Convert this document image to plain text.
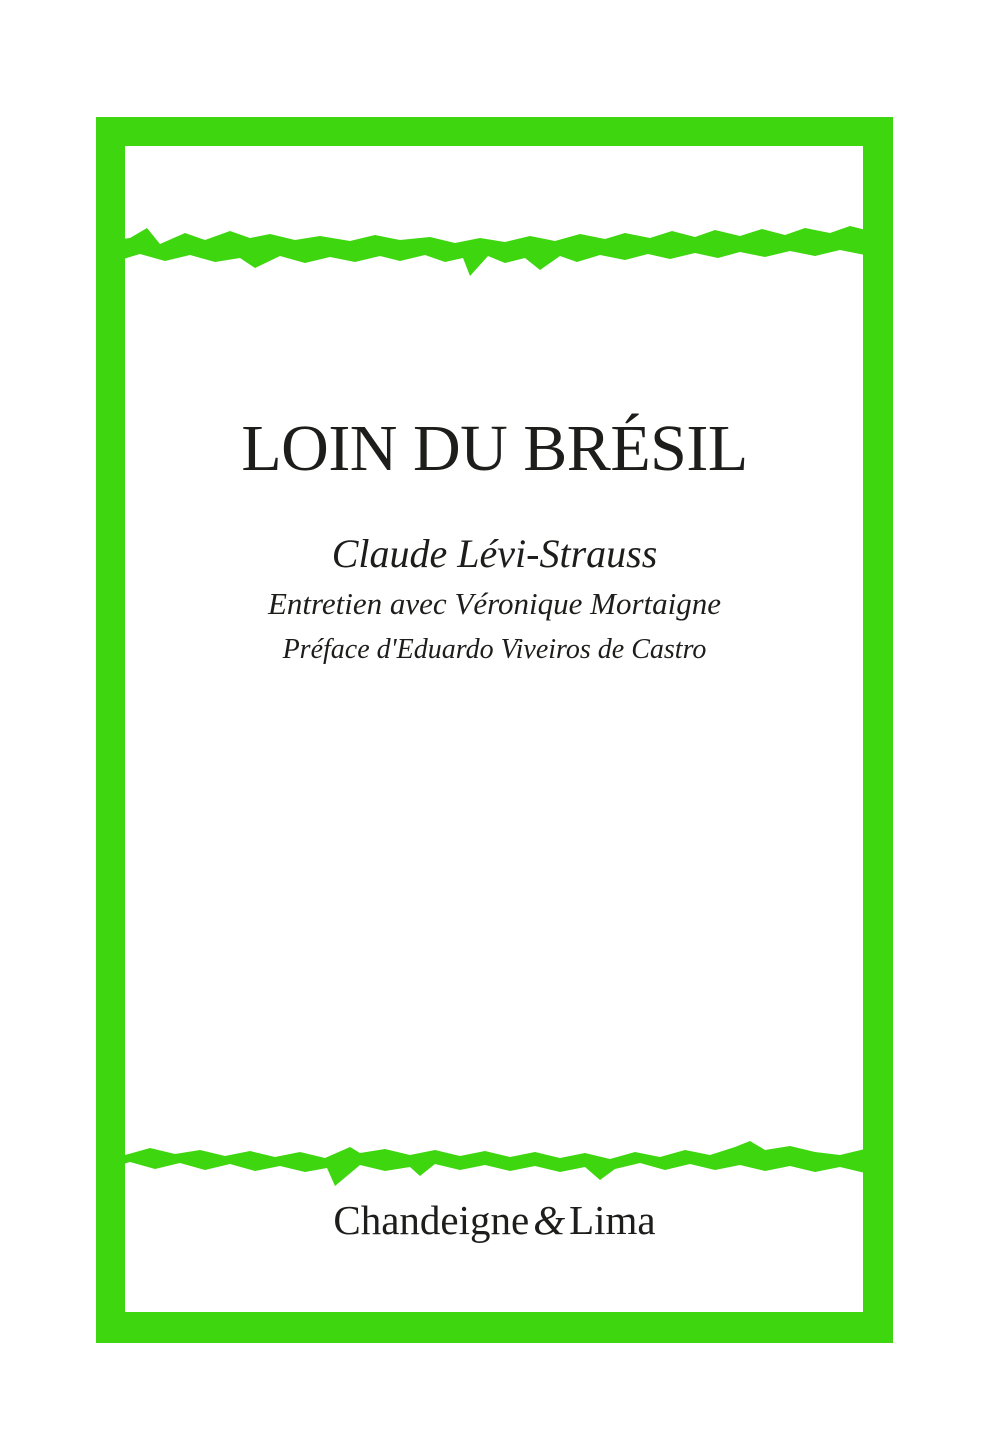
LOIN DU BRÉSIL
Claude Lévi-Strauss
Entretien avec Véronique Mortaigne
Préface d'Eduardo Viveiros de Castro
Chandeigne&Lima
